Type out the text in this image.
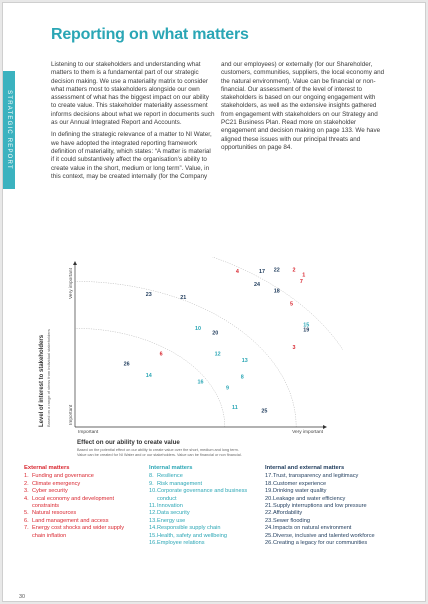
STRATEGIC REPORT
Reporting on what matters

Listening to our stakeholders and understanding what matters to them is a fundamental part of our strategic decision making. We use a materiality matrix to consider what matters most to stakeholders alongside our own assessment of what has the biggest impact on our ability to create value. This stakeholder materiality assessment informs decisions about what we report in documents such as our Annual Integrated Report and Accounts.

In defining the strategic relevance of a matter to NI Water, we have adopted the integrated reporting framework definition of materiality, which states: “A matter is material if it could substantively affect the organisation’s ability to create value in the short, medium or long term”. Value, in this context, may be created internally (for the Company

and our employees) or externally (for our Shareholder, customers, communities, suppliers, the local economy and the natural environment). Value can be financial or non-financial. Our assessment of the level of interest to stakeholders is based on our ongoing engagement with stakeholders, as well as the extensive insights gathered from engagement with stakeholders on our Strategy and PC21 Business Plan. Read more on stakeholder engagement and decision making on page 133. We have aligned these issues with our principal threats and opportunities on page 84.

Important	Very important
Important
Very important	1
2
3
4
5
6
7
8
9
10
11
12
13
14
15
16
17
18
19
20
21
22
23
24
25
26
Level of interest to stakeholders Based on a range of views from individual stakeholders
Effect on our ability to create value
Based on the potential effect on our ability to create value over the short, medium and long term.
Value can be created for NI Water and or our stakeholders. Value can be financial or non financial.
External matters
1. Funding and governance
2. Climate emergency
3. Cyber security
4. Local economy and development constraints
5. Natural resources
6. Land management and access
7. Energy cost shocks and wider supply chain inflation
Internal matters
8. Resilience
9. Risk management
10. Corporate governance and business conduct
11. Innovation
12. Data security
13. Energy use
14. Responsible supply chain
15. Health, safety and wellbeing
16. Employee relations
Internal and external matters
17. Trust, transparency and legitimacy
18. Customer experience
19. Drinking water quality
20. Leakage and water efficiency
21. Supply interruptions and low pressure
22. Affordability
23. Sewer flooding
24. Impacts on natural environment
25. Diverse, inclusive and talented workforce
26. Creating a legacy for our communities
30
